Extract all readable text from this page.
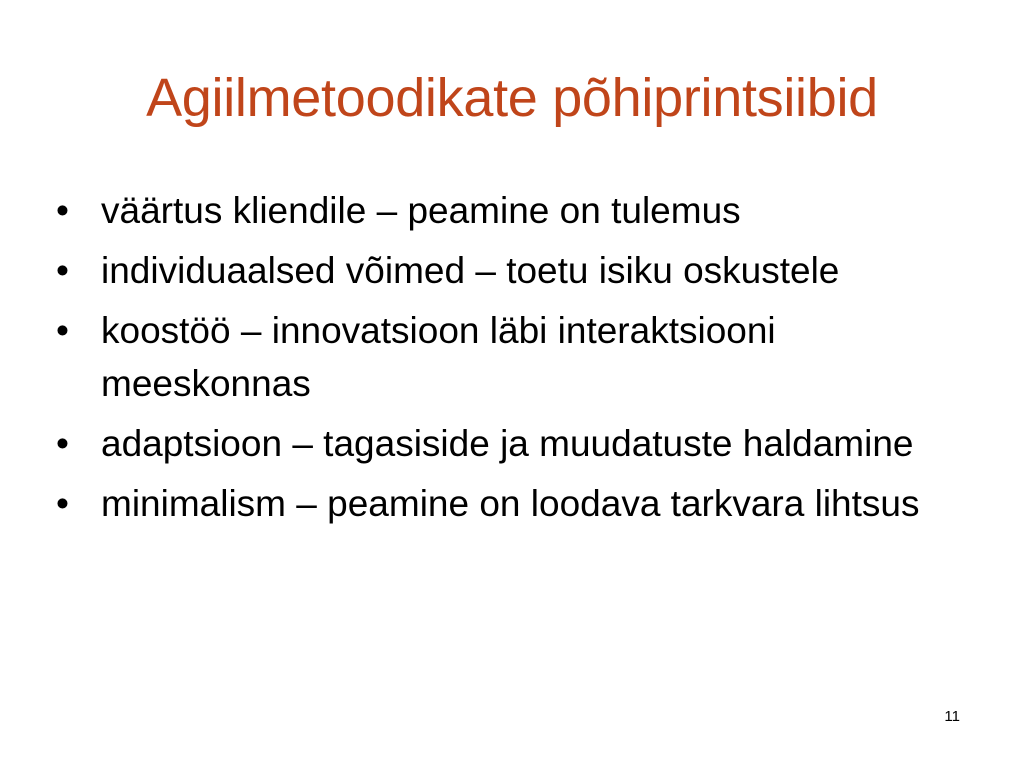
Agiilmetoodikate põhiprintsiibid
• väärtus kliendile – peamine on tulemus
• individuaalsed võimed – toetu isiku oskustele
• koostöö – innovatsioon läbi interaktsiooni meeskonnas
• adaptsioon – tagasiside ja muudatuste haldamine
• minimalism – peamine on loodava tarkvara lihtsus
11
